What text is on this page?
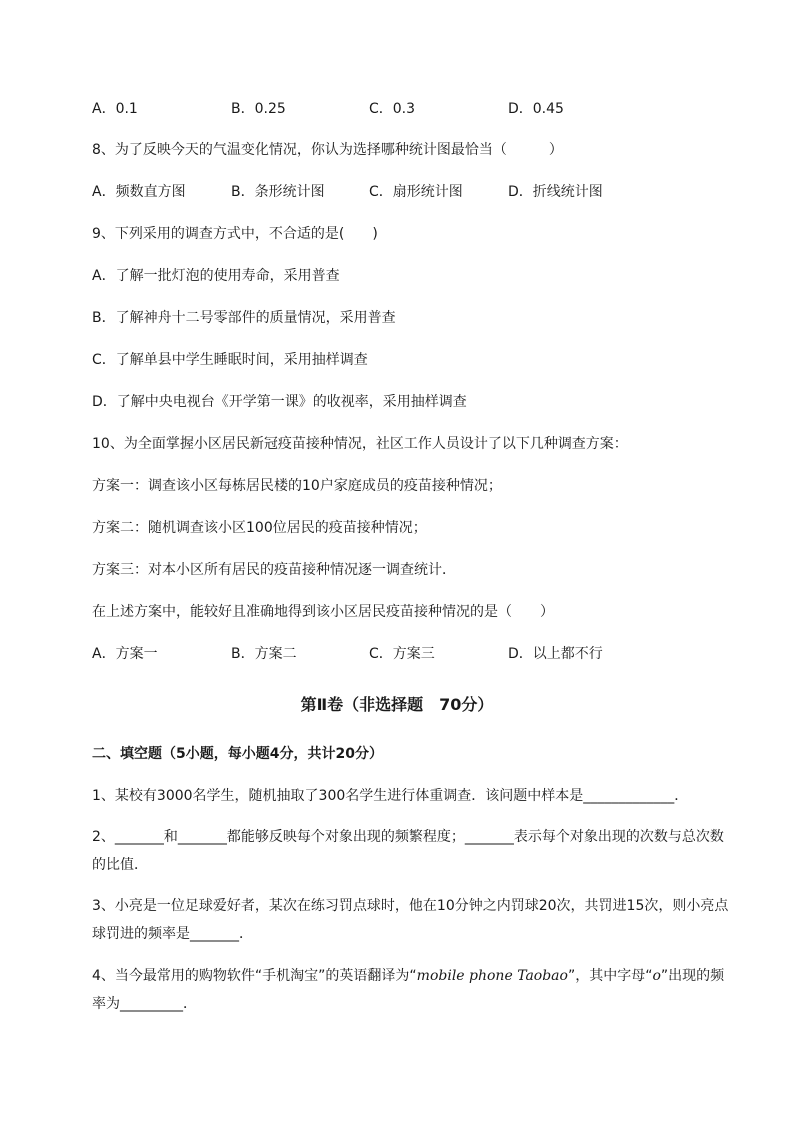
A．0.1	B．0.25	C．0.3	D．0.45
8、为了反映今天的气温变化情况，你认为选择哪种统计图最恰当（　　　）
A．频数直方图	B．条形统计图	C．扇形统计图	D．折线统计图
9、下列采用的调查方式中，不合适的是(　　)
A．了解一批灯泡的使用寿命，采用普查
B．了解神舟十二号零部件的质量情况，采用普查
C．了解单县中学生睡眠时间，采用抽样调查
D．了解中央电视台《开学第一课》的收视率，采用抽样调查
10、为全面掌握小区居民新冠疫苗接种情况，社区工作人员设计了以下几种调查方案：
方案一：调查该小区每栋居民楼的10户家庭成员的疫苗接种情况；
方案二：随机调查该小区100位居民的疫苗接种情况；
方案三：对本小区所有居民的疫苗接种情况逐一调查统计．
在上述方案中，能较好且准确地得到该小区居民疫苗接种情况的是（　　）
A．方案一	B．方案二	C．方案三	D．以上都不行
第Ⅱ卷（非选择题　70分）
二、填空题（5小题，每小题4分，共计20分）
1、某校有3000名学生，随机抽取了300名学生进行体重调查．该问题中样本是_____________．
2、_______和_______都能够反映每个对象出现的频繁程度；_______表示每个对象出现的次数与总次数的比值．
3、小亮是一位足球爱好者，某次在练习罚点球时，他在10分钟之内罚球20次，共罚进15次，则小亮点球罚进的频率是_______．
4、当今最常用的购物软件“手机淘宝”的英语翻译为“mobile phone Taobao”，其中字母“o”出现的频率为_________．
